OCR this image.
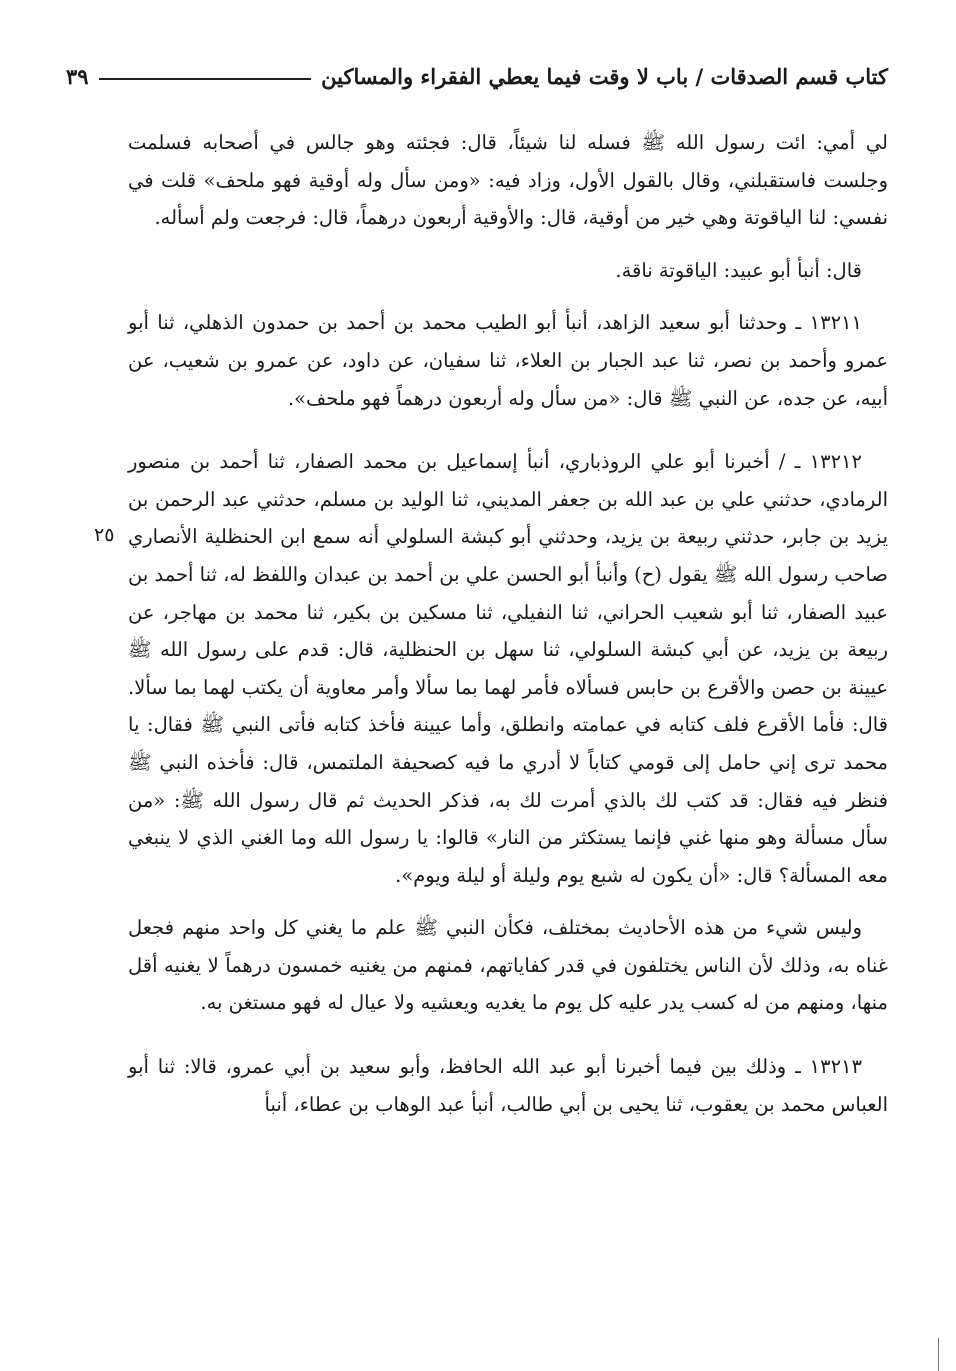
كتاب قسم الصدقات / باب لا وقت فيما يعطي الفقراء والمساكين
٣٩
٢٥

لي أمي: ائت رسول الله ﷺ فسله لنا شيئاً، قال: فجئته وهو جالس في أصحابه فسلمت وجلست فاستقبلني، وقال بالقول الأول، وزاد فيه: «ومن سأل وله أوقية فهو ملحف» قلت في نفسي: لنا الياقوتة وهي خير من أوقية، قال: والأوقية أربعون درهماً، قال: فرجعت ولم أسأله.

قال: أنبأ أبو عبيد: الياقوتة ناقة.

١٣٢١١ ـ وحدثنا أبو سعيد الزاهد، أنبأ أبو الطيب محمد بن أحمد بن حمدون الذهلي، ثنا أبو عمرو وأحمد بن نصر، ثنا عبد الجبار بن العلاء، ثنا سفيان، عن داود، عن عمرو بن شعيب، عن أبيه، عن جده، عن النبي ﷺ قال: «من سأل وله أربعون درهماً فهو ملحف».

١٣٢١٢ ـ / أخبرنا أبو علي الروذباري، أنبأ إسماعيل بن محمد الصفار، ثنا أحمد بن منصور الرمادي، حدثني علي بن عبد الله بن جعفر المديني، ثنا الوليد بن مسلم، حدثني عبد الرحمن بن يزيد بن جابر، حدثني ربيعة بن يزيد، وحدثني أبو كبشة السلولي أنه سمع ابن الحنظلية الأنصاري صاحب رسول الله ﷺ يقول (ح) وأنبأ أبو الحسن علي بن أحمد بن عبدان واللفظ له، ثنا أحمد بن عبيد الصفار، ثنا أبو شعيب الحراني، ثنا النفيلي، ثنا مسكين بن بكير، ثنا محمد بن مهاجر، عن ربيعة بن يزيد، عن أبي كبشة السلولي، ثنا سهل بن الحنظلية، قال: قدم على رسول الله ﷺ عيينة بن حصن والأقرع بن حابس فسألاه فأمر لهما بما سألا وأمر معاوية أن يكتب لهما بما سألا. قال: فأما الأقرع فلف كتابه في عمامته وانطلق، وأما عيينة فأخذ كتابه فأتى النبي ﷺ فقال: يا محمد ترى إني حامل إلى قومي كتاباً لا أدري ما فيه كصحيفة الملتمس، قال: فأخذه النبي ﷺ فنظر فيه فقال: قد كتب لك بالذي أمرت لك به، فذكر الحديث ثم قال رسول الله ﷺ: «من سأل مسألة وهو منها غني فإنما يستكثر من النار» قالوا: يا رسول الله وما الغني الذي لا ينبغي معه المسألة؟ قال: «أن يكون له شبع يوم وليلة أو ليلة ويوم».

وليس شيء من هذه الأحاديث بمختلف، فكأن النبي ﷺ علم ما يغني كل واحد منهم فجعل غناه به، وذلك لأن الناس يختلفون في قدر كفاياتهم، فمنهم من يغنيه خمسون درهماً لا يغنيه أقل منها، ومنهم من له كسب يدر عليه كل يوم ما يغديه ويعشيه ولا عيال له فهو مستغن به.

١٣٢١٣ ـ وذلك بين فيما أخبرنا أبو عبد الله الحافظ، وأبو سعيد بن أبي عمرو، قالا: ثنا أبو العباس محمد بن يعقوب، ثنا يحيى بن أبي طالب، أنبأ عبد الوهاب بن عطاء، أنبأ
